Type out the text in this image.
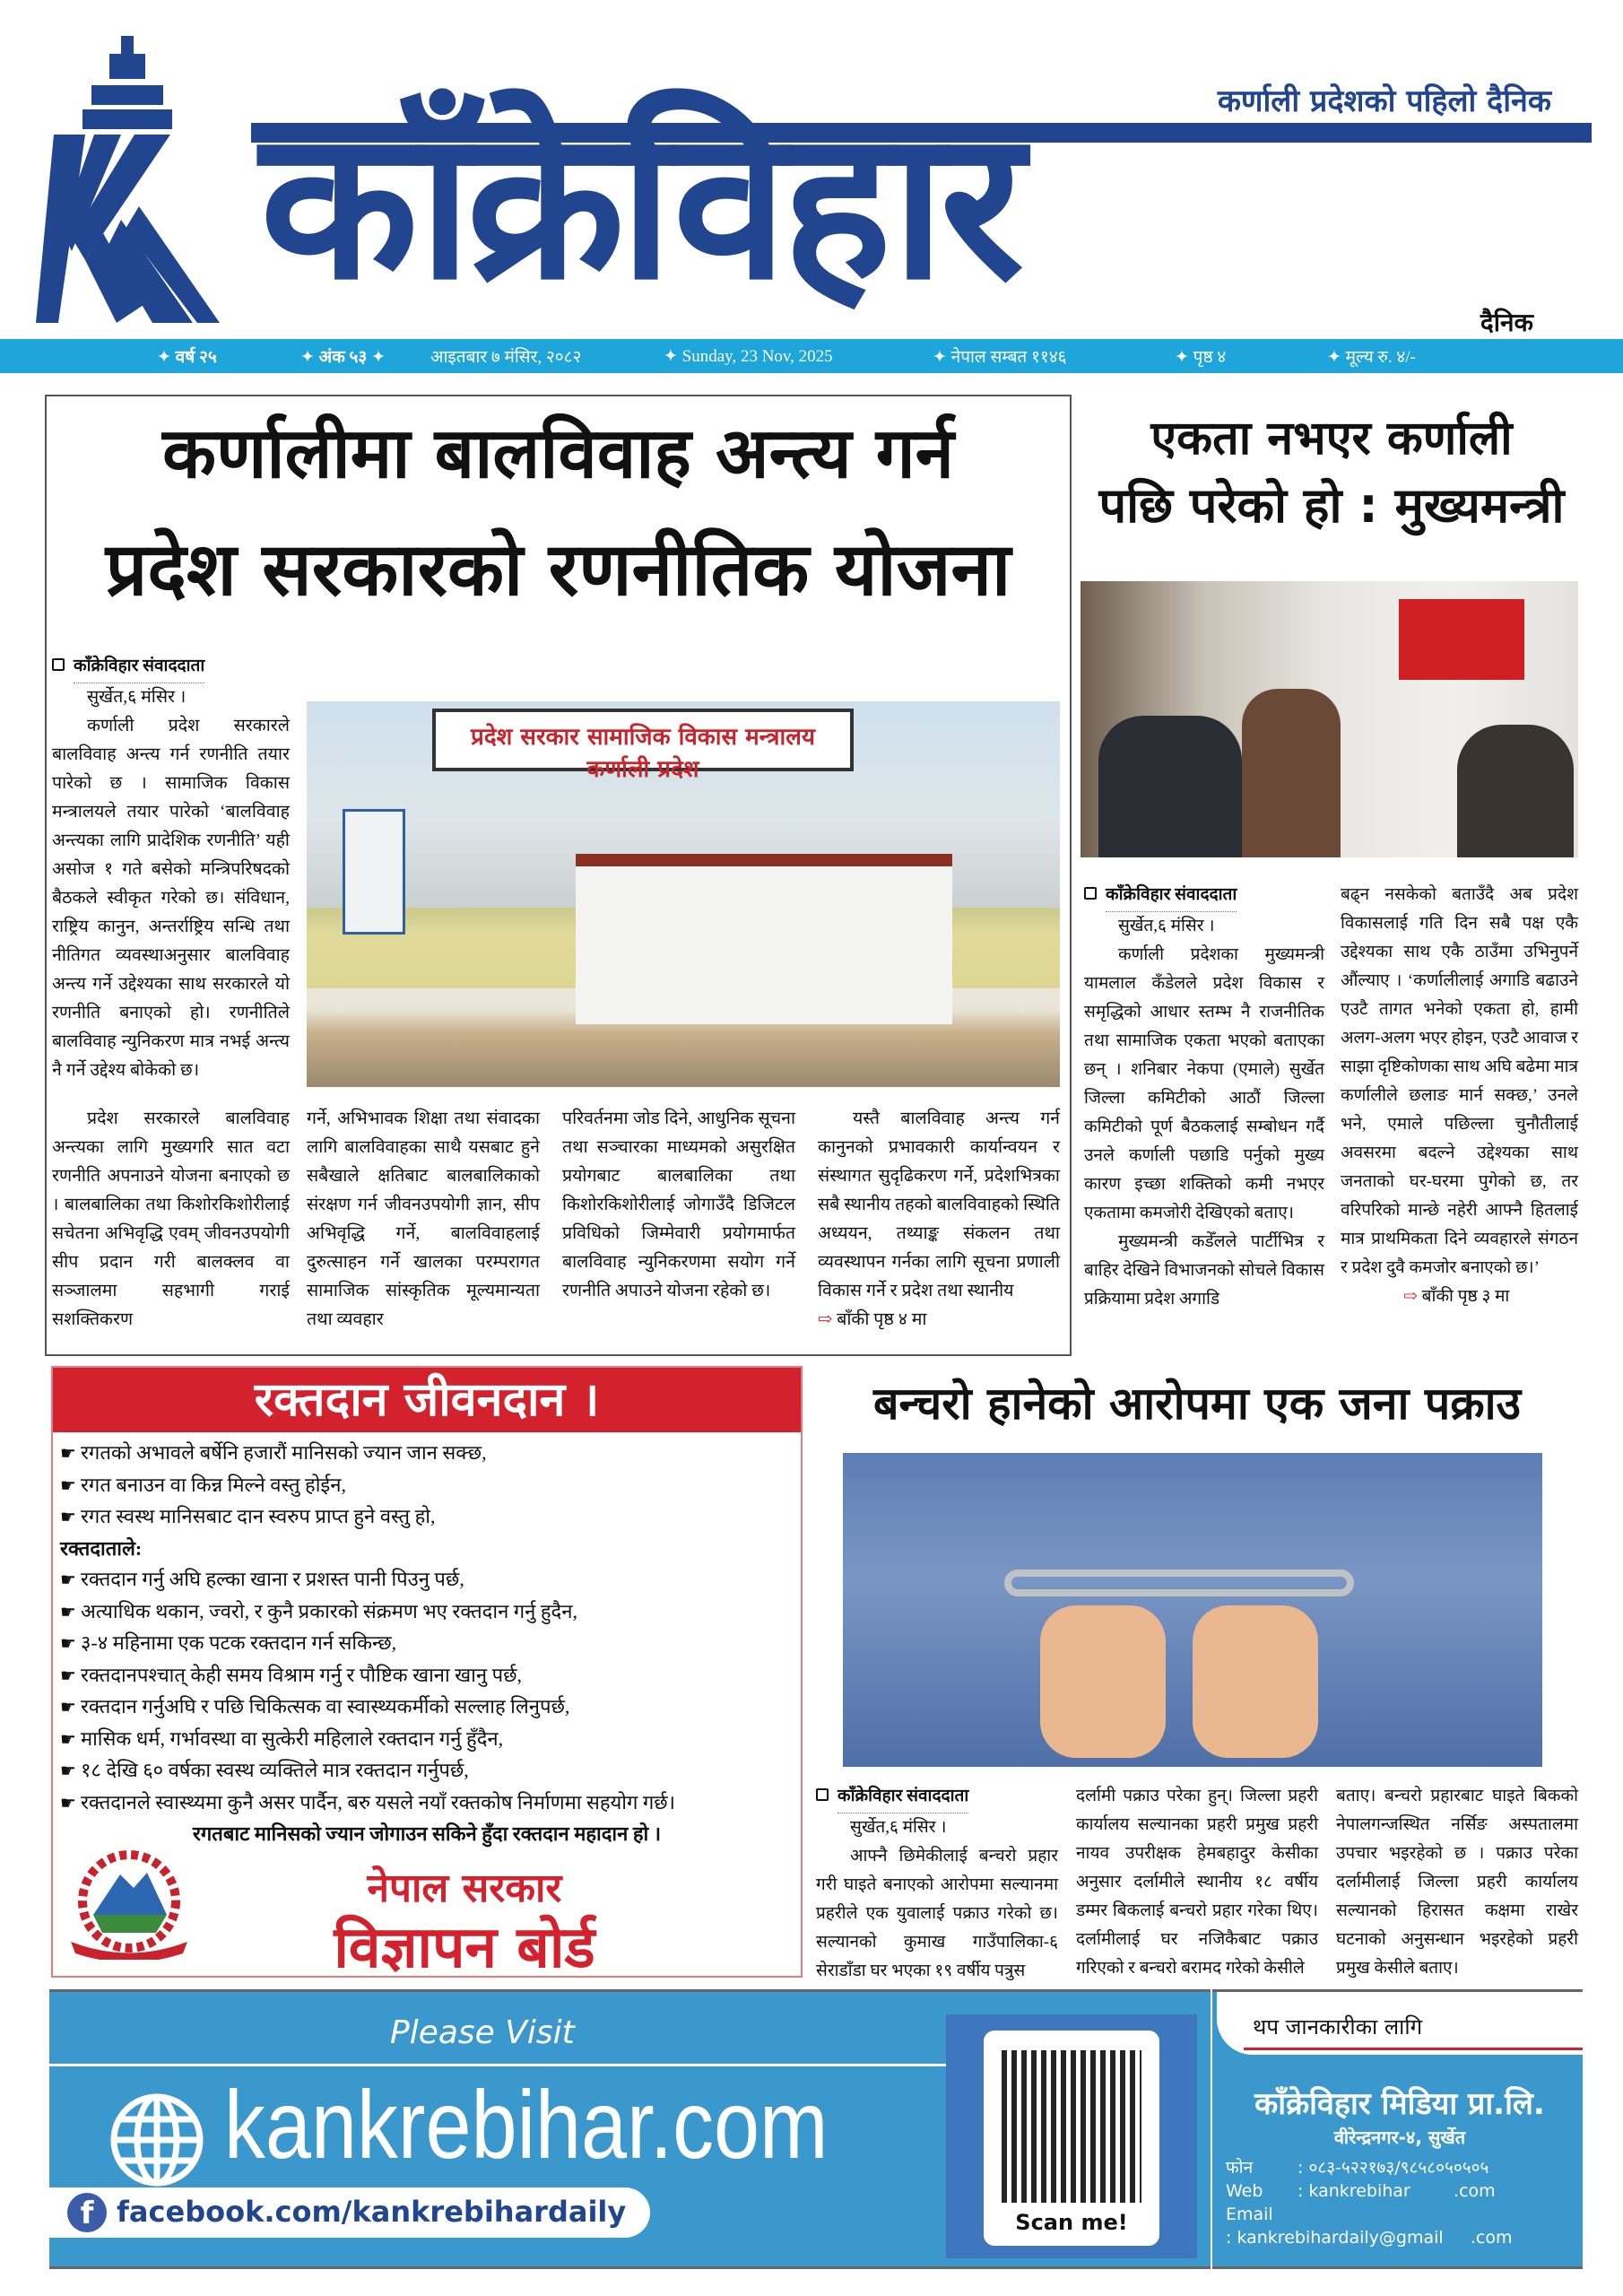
काँक्रेविहार	कर्णाली प्रदेशको पहिलो दैनिक
दैनिक
✦ वर्ष २५	✦ अंक ५३ ✦	आइतबार ७ मंसिर, २०८२	✦ Sunday, 23 Nov, 2025	✦ नेपाल सम्बत ११४६	✦ पृष्ठ ४	✦ मूल्य रु. ४/-
कर्णालीमा बालविवाह अन्त्य गर्न
प्रदेश सरकारको रणनीतिक योजना
काँक्रेविहार संवाददाता
सुर्खेत,६ मंसिर ।

कर्णाली प्रदेश सरकारले बालविवाह अन्त्य गर्न रणनीति तयार पारेको छ । सामाजिक विकास मन्त्रालयले तयार पारेको ‘बालविवाह अन्त्यका लागि प्रादेशिक रणनीति’ यही असोज १ गते बसेको मन्त्रिपरिषदको बैठकले स्वीकृत गरेको छ। संविधान, राष्ट्रिय कानुन, अन्तर्राष्ट्रिय सन्धि तथा नीतिगत व्यवस्थाअनुसार बालविवाह अन्त्य गर्ने उद्देश्यका साथ सरकारले यो रणनीति बनाएको हो। रणनीतिले बालविवाह न्युनिकरण मात्र नभई अन्त्य नै गर्ने उद्देश्य बोकेको छ।

प्रदेश सरकार सामाजिक विकास मन्त्रालय कर्णाली प्रदेश

प्रदेश सरकारले बालविवाह अन्त्यका लागि मुख्यगरि सात वटा रणनीति अपनाउने योजना बनाएको छ । बालबालिका तथा किशोरकिशोरीलाई सचेतना अभिवृद्धि एवम् जीवनउपयोगी सीप प्रदान गरी बालक्लव वा सञ्जालमा सहभागी गराई सशक्तिकरण

गर्ने, अभिभावक शिक्षा तथा संवादका लागि बालविवाहका साथै यसबाट हुने सबैखाले क्षतिबाट बालबालिकाको संरक्षण गर्न जीवनउपयोगी ज्ञान, सीप अभिवृद्धि गर्ने, बालविवाहलाई दुरुत्साहन गर्ने खालका परम्परागत सामाजिक सांस्कृतिक मूल्यमान्यता तथा व्यवहार
परिवर्तनमा जोड दिने, आधुनिक सूचना तथा सञ्चारका माध्यमको असुरक्षित प्रयोगबाट बालबालिका तथा किशोरकिशोरीलाई जोगाउँदै डिजिटल प्रविधिको जिम्मेवारी प्रयोगमार्फत बालविवाह न्युनिकरणमा सयोग गर्ने रणनीति अपाउने योजना रहेको छ।

यस्तै बालविवाह अन्त्य गर्न कानुनको प्रभावकारी कार्यान्वयन र संस्थागत सुदृढिकरण गर्ने, प्रदेशभित्रका सबै स्थानीय तहको बालविवाहको स्थिति अध्ययन, तथ्याङ्क संकलन तथा व्यवस्थापन गर्नका लागि सूचना प्रणाली विकास गर्ने र प्रदेश तथा स्थानीय

⇨ बाँकी पृष्ठ ४ मा
एकता नभएर कर्णाली
पछि परेको हो : मुख्यमन्त्री
काँक्रेविहार संवाददाता
सुर्खेत,६ मंसिर ।

कर्णाली प्रदेशका मुख्यमन्त्री यामलाल कँडेलले प्रदेश विकास र समृद्धिको आधार स्तम्भ नै राजनीतिक तथा सामाजिक एकता भएको बताएका छन् । शनिबार नेकपा (एमाले) सुर्खेत जिल्ला कमिटीको आठौं जिल्ला कमिटीको पूर्ण बैठकलाई सम्बोधन गर्दै उनले कर्णाली पछाडि पर्नुको मुख्य कारण इच्छा शक्तिको कमी नभएर एकतामा कमजोरी देखिएको बताए।

मुख्यमन्त्री कडेँलले पार्टीभित्र र बाहिर देखिने विभाजनको सोचले विकास प्रक्रियामा प्रदेश अगाडि

बढ्न नसकेको बताउँदै अब प्रदेश विकासलाई गति दिन सबै पक्ष एकै उद्देश्यका साथ एकै ठाउँमा उभिनुपर्ने औंल्याए । ‘कर्णालीलाई अगाडि बढाउने एउटै तागत भनेको एकता हो, हामी अलग-अलग भएर होइन, एउटै आवाज र साझा दृष्टिकोणका साथ अघि बढेमा मात्र कर्णालीले छलाङ मार्न सक्छ,’ उनले भने, एमाले पछिल्ला चुनौतीलाई अवसरमा बदल्ने उद्देश्यका साथ जनताको घर-घरमा पुगेको छ, तर वरिपरिको मान्छे नहेरी आफ्नै हितलाई मात्र प्राथमिकता दिने व्यवहारले संगठन र प्रदेश दुवै कमजोर बनाएको छ।’
⇨ बाँकी पृष्ठ ३ मा
रक्तदान जीवनदान ।
☛ रगतको अभावले बर्षेनि हजारौं मानिसको ज्यान जान सक्छ,
☛ रगत बनाउन वा किन्न मिल्ने वस्तु होईन,
☛ रगत स्वस्थ मानिसबाट दान स्वरुप प्राप्त हुने वस्तु हो,
रक्तदाताले:
☛ रक्तदान गर्नु अघि हल्का खाना र प्रशस्त पानी पिउनु पर्छ,
☛ अत्याधिक थकान, ज्वरो, र कुनै प्रकारको संक्रमण भए रक्तदान गर्नु हुदैन,
☛ ३-४ महिनामा एक पटक रक्तदान गर्न सकिन्छ,
☛ रक्तदानपश्चात् केही समय विश्राम गर्नु र पौष्टिक खाना खानु पर्छ,
☛ रक्तदान गर्नुअघि र पछि चिकित्सक वा स्वास्थ्यकर्मीको सल्लाह लिनुपर्छ,
☛ मासिक धर्म, गर्भावस्था वा सुत्केरी महिलाले रक्तदान गर्नु हुँदैन,
☛ १८ देखि ६० वर्षका स्वस्थ व्यक्तिले मात्र रक्तदान गर्नुपर्छ,
☛ रक्तदानले स्वास्थ्यमा कुनै असर पार्दैन, बरु यसले नयाँ रक्तकोष निर्माणमा सहयोग गर्छ।
रगतबाट मानिसको ज्यान जोगाउन सकिने हुँदा रक्तदान महादान हो ।
नेपाल सरकार
विज्ञापन बोर्ड
बन्चरो हानेको आरोपमा एक जना पक्राउ
काँक्रेविहार संवाददाता
सुर्खेत,६ मंसिर ।

आफ्नै छिमेकीलाई बन्चरो प्रहार गरी घाइते बनाएको आरोपमा सल्यानमा प्रहरीले एक युवालाई पक्राउ गरेको छ। सल्यानको कुमाख गाउँपालिका-६ सेराडाँडा घर भएका १९ वर्षीय पत्रुस

दर्लामी पक्राउ परेका हुन्। जिल्ला प्रहरी कार्यालय सल्यानका प्रहरी प्रमुख प्रहरी नायव उपरीक्षक हेमबहादुर केसीका अनुसार दर्लामीले स्थानीय १८ वर्षीय डम्मर बिकलाई बन्चरो प्रहार गरेका थिए। दर्लामीलाई घर नजिकैबाट पक्राउ गरिएको र बन्चरो बरामद गरेको केसीले
बताए। बन्चरो प्रहारबाट घाइते बिकको नेपालगन्जस्थित नर्सिङ अस्पतालमा उपचार भइरहेको छ । पक्राउ परेका दर्लामीलाई जिल्ला प्रहरी कार्यालय सल्यानको हिरासत कक्षमा राखेर घटनाको अनुसन्धान भइरहेको प्रहरी प्रमुख केसीले बताए।
Please Visit
kankrebihar.com
f facebook.com/kankrebihardaily	Scan me!
थप जानकारीका लागि
काँक्रेविहार मिडिया प्रा.लि.
वीरेन्द्रनगर-४, सुर्खेत
फोन	: ०८३-५२२१७३/९८५८०५०५०५
Web : kankrebihar        .com
Email: kankrebihardaily@gmail     .com
